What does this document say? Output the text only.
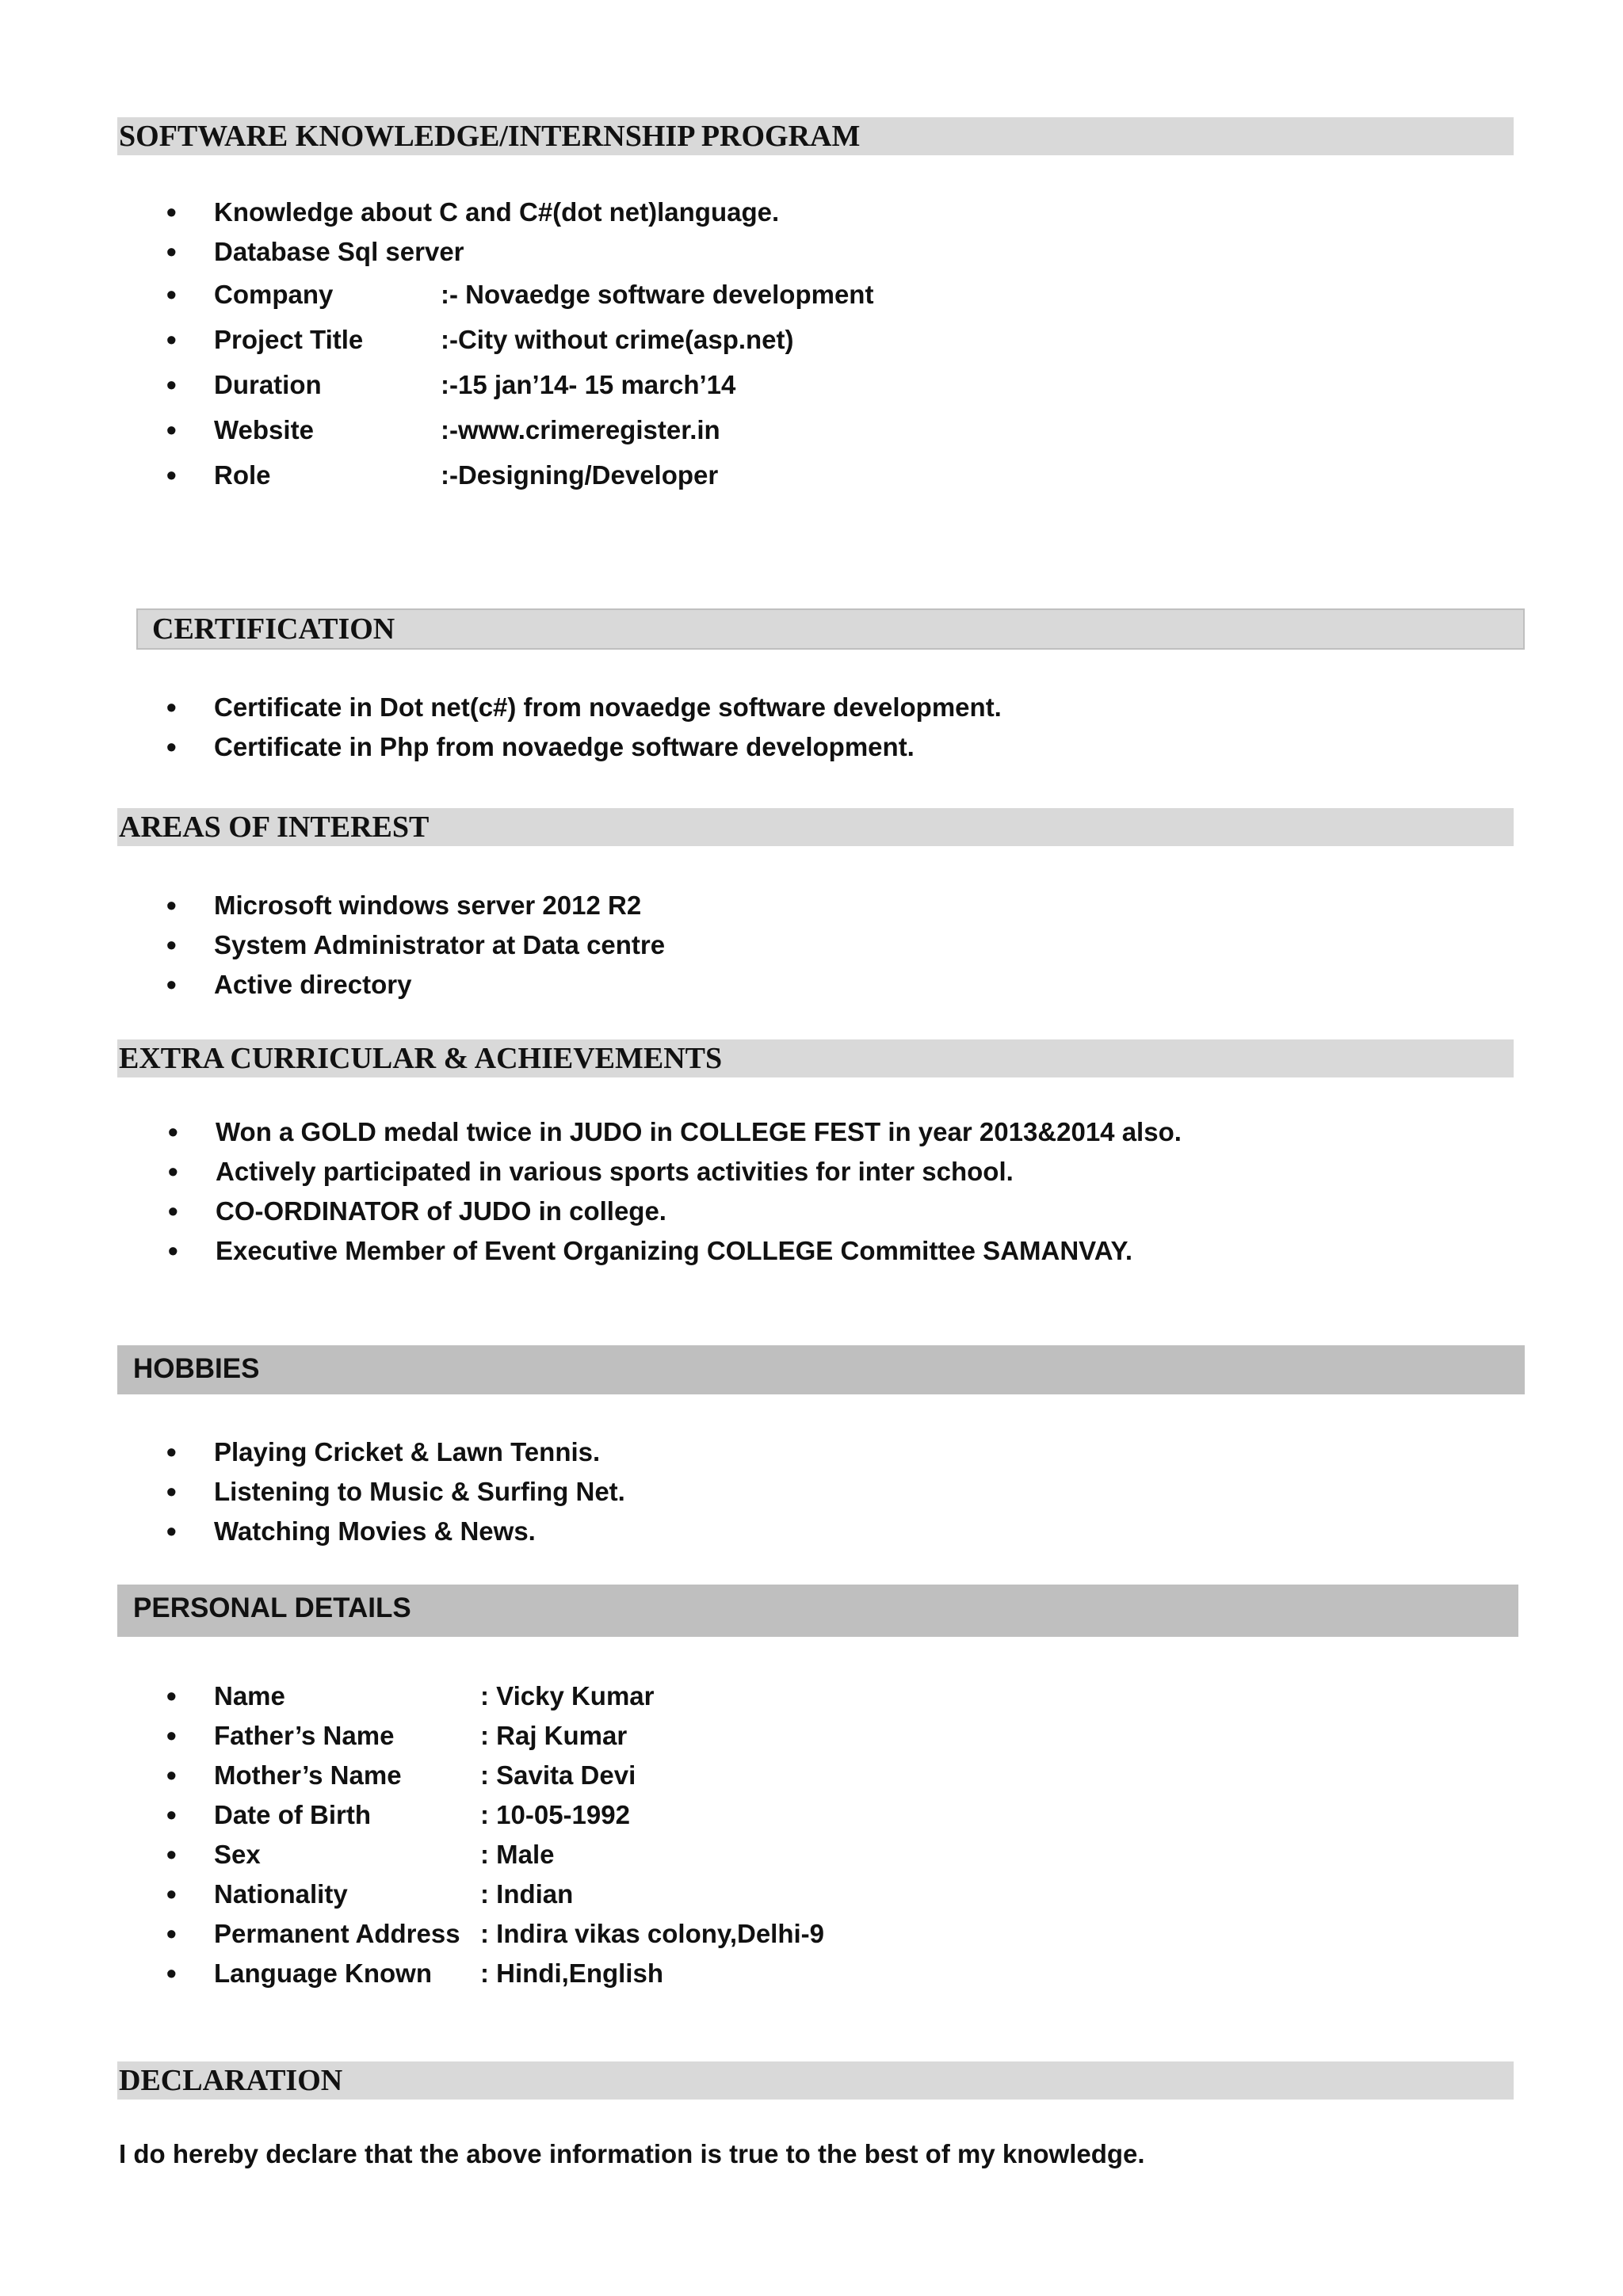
SOFTWARE KNOWLEDGE/INTERNSHIP PROGRAM
• Knowledge about C and C#(dot net)language.
• Database Sql server
• Company	:- Novaedge software development
• Project Title	:-City without crime(asp.net)
• Duration	:-15 jan’14- 15 march’14
• Website	:-www.crimeregister.in
• Role	:-Designing/Developer
CERTIFICATION
• Certificate in Dot net(c#) from novaedge software development.
• Certificate in Php from novaedge software development.
AREAS OF INTEREST
• Microsoft windows server 2012 R2
• System Administrator at Data centre
• Active directory
EXTRA CURRICULAR & ACHIEVEMENTS
• Won a GOLD medal twice in JUDO in COLLEGE FEST in year 2013&2014 also.
• Actively participated in various sports activities for inter school.
• CO-ORDINATOR of JUDO in college.
• Executive Member of Event Organizing COLLEGE Committee SAMANVAY.
HOBBIES
• Playing Cricket & Lawn Tennis.
• Listening to Music & Surfing Net.
• Watching Movies & News.
PERSONAL DETAILS
• Name	: Vicky Kumar
• Father’s Name	: Raj Kumar
• Mother’s Name	: Savita Devi
• Date of Birth	: 10-05-1992
• Sex	: Male
• Nationality	: Indian
• Permanent Address : Indira vikas colony,Delhi-9
• Language Known : Hindi,English
DECLARATION
I do hereby declare that the above information is true to the best of my knowledge.
